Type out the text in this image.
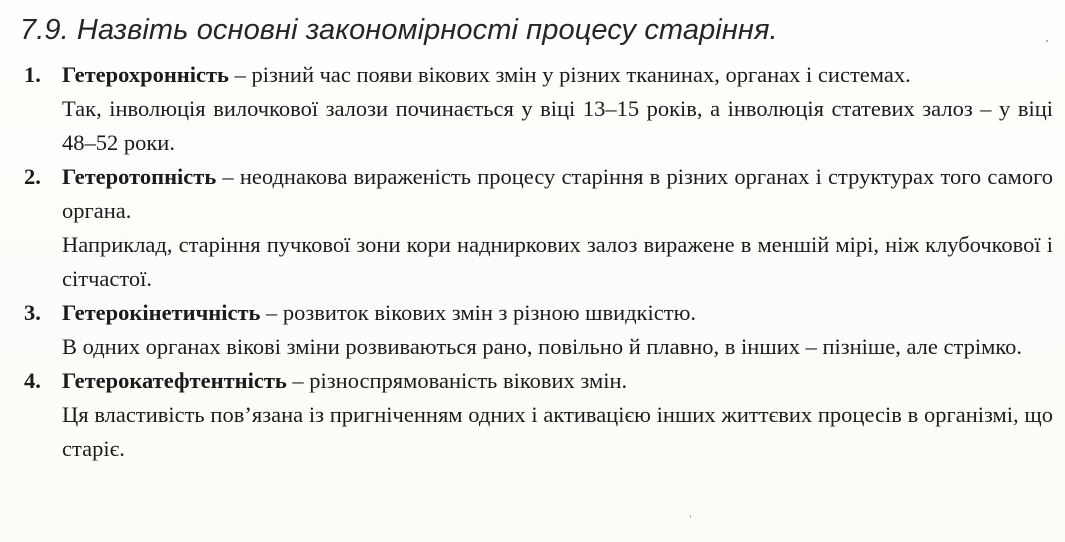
7.9. Назвіть основні закономірності процесу старіння.
1. Гетерохронність – різний час появи вікових змін у різних тканинах, органах і системах.
Так, інволюція вилочкової залози починається у віці 13–15 років, а інволюція статевих залоз – у віці 48–52 роки.
2. Гетеротопність – неоднакова вираженість процесу старіння в різних органах і структурах того самого органа.
Наприклад, старіння пучкової зони кори надниркових залоз виражене в меншій мірі, ніж клубочкової і сітчастої.
3. Гетерокінетичність – розвиток вікових змін з різною швидкістю.
В одних органах вікові зміни розвиваються рано, повільно й плавно, в інших – пізніше, але стрімко.
4. Гетерокатефтентність – різноспрямованість вікових змін.
Ця властивість пов’язана із пригніченням одних і активацією інших життєвих процесів в організмі, що старіє.
